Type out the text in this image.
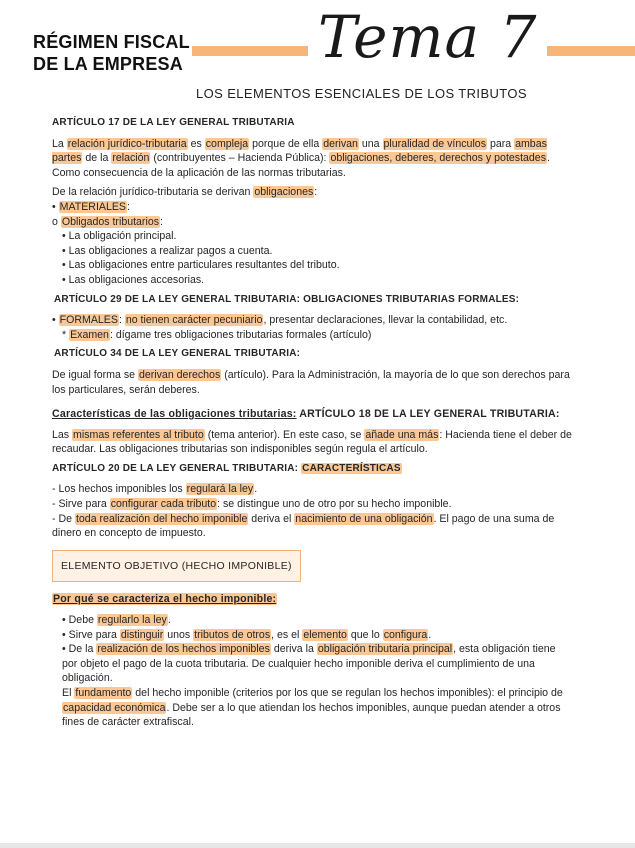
RÉGIMEN FISCAL
DE LA EMPRESA Tema 7
LOS ELEMENTOS ESENCIALES DE LOS TRIBUTOS
ARTÍCULO 17 DE LA LEY GENERAL TRIBUTARIA

La relación jurídico-tributaria es compleja porque de ella derivan una pluralidad de vínculos para ambas partes de la relación (contribuyentes – Hacienda Pública): obligaciones, deberes, derechos y potestades. Como consecuencia de la aplicación de las normas tributarias.

De la relación jurídico-tributaria se derivan obligaciones:
• MATERIALES:
o Obligados tributarios:
• La obligación principal.
• Las obligaciones a realizar pagos a cuenta.
• Las obligaciones entre particulares resultantes del tributo.
• Las obligaciones accesorias.
ARTÍCULO 29 DE LA LEY GENERAL TRIBUTARIA: OBLIGACIONES TRIBUTARIAS FORMALES:
• FORMALES: no tienen carácter pecuniario, presentar declaraciones, llevar la contabilidad, etc.
* Examen: dígame tres obligaciones tributarias formales (artículo)
ARTÍCULO 34 DE LA LEY GENERAL TRIBUTARIA:

De igual forma se derivan derechos (artículo). Para la Administración, la mayoría de lo que son derechos para los particulares, serán deberes.

Características de las obligaciones tributarias: ARTÍCULO 18 DE LA LEY GENERAL TRIBUTARIA:

Las mismas referentes al tributo (tema anterior). En este caso, se añade una más: Hacienda tiene el deber de recaudar. Las obligaciones tributarias son indisponibles según regula el artículo.

ARTÍCULO 20 DE LA LEY GENERAL TRIBUTARIA: CARACTERÍSTICAS
- Los hechos imponibles los regulará la ley.
- Sirve para configurar cada tributo: se distingue uno de otro por su hecho imponible.
- De toda realización del hecho imponible deriva el nacimiento de una obligación. El pago de una suma de dinero en concepto de impuesto.
ELEMENTO OBJETIVO (HECHO IMPONIBLE)
Por qué se caracteriza el hecho imponible:
• Debe regularlo la ley.
• Sirve para distinguir unos tributos de otros, es el elemento que lo configura.
• De la realización de los hechos imponibles deriva la obligación tributaria principal, esta obligación tiene por objeto el pago de la cuota tributaria. De cualquier hecho imponible deriva el cumplimiento de una obligación.

El fundamento del hecho imponible (criterios por los que se regulan los hechos imponibles): el principio de capacidad económica. Debe ser a lo que atiendan los hechos imponibles, aunque puedan atender a otros fines de carácter extrafiscal.
